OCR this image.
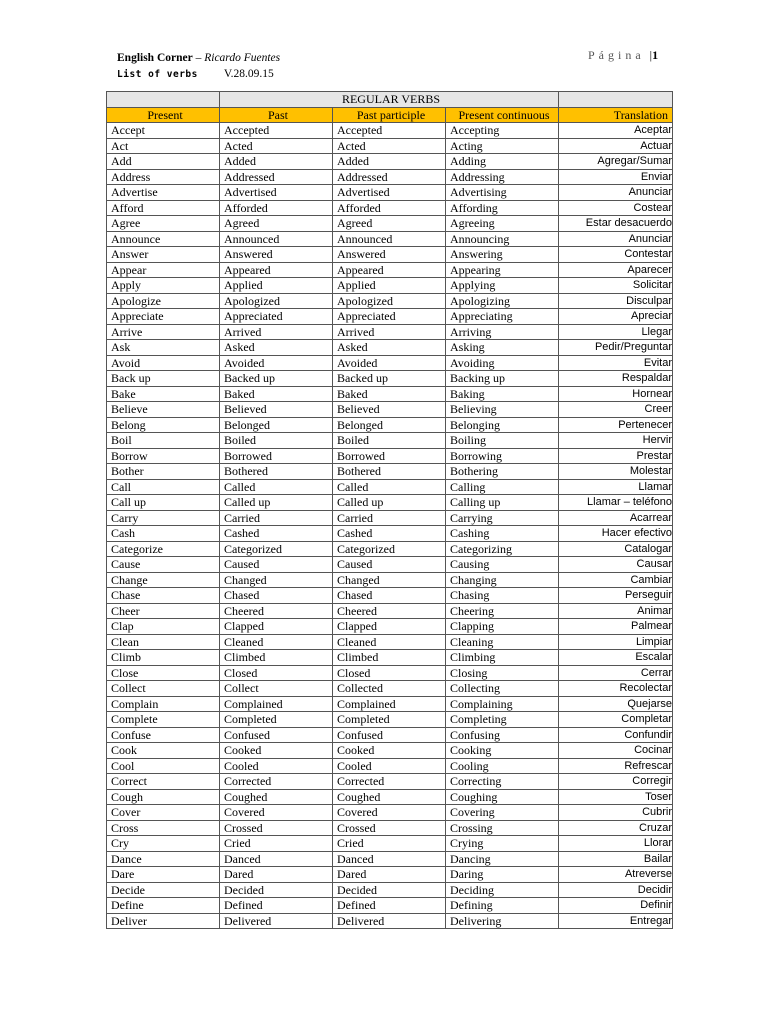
English Corner – Ricardo Fuentes
List of verbs V.28.09.15
Página |1
	REGULAR VERBS			
Present	Past	Past participle	Present continuous	Translation
Accept	Accepted	Accepted	Accepting	Aceptar
Act	Acted	Acted	Acting	Actuar
Add	Added	Added	Adding	Agregar/Sumar
Address	Addressed	Addressed	Addressing	Enviar
Advertise	Advertised	Advertised	Advertising	Anunciar
Afford	Afforded	Afforded	Affording	Costear
Agree	Agreed	Agreed	Agreeing	Estar desacuerdo
Announce	Announced	Announced	Announcing	Anunciar
Answer	Answered	Answered	Answering	Contestar
Appear	Appeared	Appeared	Appearing	Aparecer
Apply	Applied	Applied	Applying	Solicitar
Apologize	Apologized	Apologized	Apologizing	Disculpar
Appreciate	Appreciated	Appreciated	Appreciating	Apreciar
Arrive	Arrived	Arrived	Arriving	Llegar
Ask	Asked	Asked	Asking	Pedir/Preguntar
Avoid	Avoided	Avoided	Avoiding	Evitar
Back up	Backed up	Backed up	Backing up	Respaldar
Bake	Baked	Baked	Baking	Hornear
Believe	Believed	Believed	Believing	Creer
Belong	Belonged	Belonged	Belonging	Pertenecer
Boil	Boiled	Boiled	Boiling	Hervir
Borrow	Borrowed	Borrowed	Borrowing	Prestar
Bother	Bothered	Bothered	Bothering	Molestar
Call	Called	Called	Calling	Llamar
Call up	Called up	Called up	Calling up	Llamar – teléfono
Carry	Carried	Carried	Carrying	Acarrear
Cash	Cashed	Cashed	Cashing	Hacer efectivo
Categorize	Categorized	Categorized	Categorizing	Catalogar
Cause	Caused	Caused	Causing	Causar
Change	Changed	Changed	Changing	Cambiar
Chase	Chased	Chased	Chasing	Perseguir
Cheer	Cheered	Cheered	Cheering	Animar
Clap	Clapped	Clapped	Clapping	Palmear
Clean	Cleaned	Cleaned	Cleaning	Limpiar
Climb	Climbed	Climbed	Climbing	Escalar
Close	Closed	Closed	Closing	Cerrar
Collect	Collect	Collected	Collecting	Recolectar
Complain	Complained	Complained	Complaining	Quejarse
Complete	Completed	Completed	Completing	Completar
Confuse	Confused	Confused	Confusing	Confundir
Cook	Cooked	Cooked	Cooking	Cocinar
Cool	Cooled	Cooled	Cooling	Refrescar
Correct	Corrected	Corrected	Correcting	Corregir
Cough	Coughed	Coughed	Coughing	Toser
Cover	Covered	Covered	Covering	Cubrir
Cross	Crossed	Crossed	Crossing	Cruzar
Cry	Cried	Cried	Crying	Llorar
Dance	Danced	Danced	Dancing	Bailar
Dare	Dared	Dared	Daring	Atreverse
Decide	Decided	Decided	Deciding	Decidir
Define	Defined	Defined	Defining	Definir
Deliver	Delivered	Delivered	Delivering	Entregar
